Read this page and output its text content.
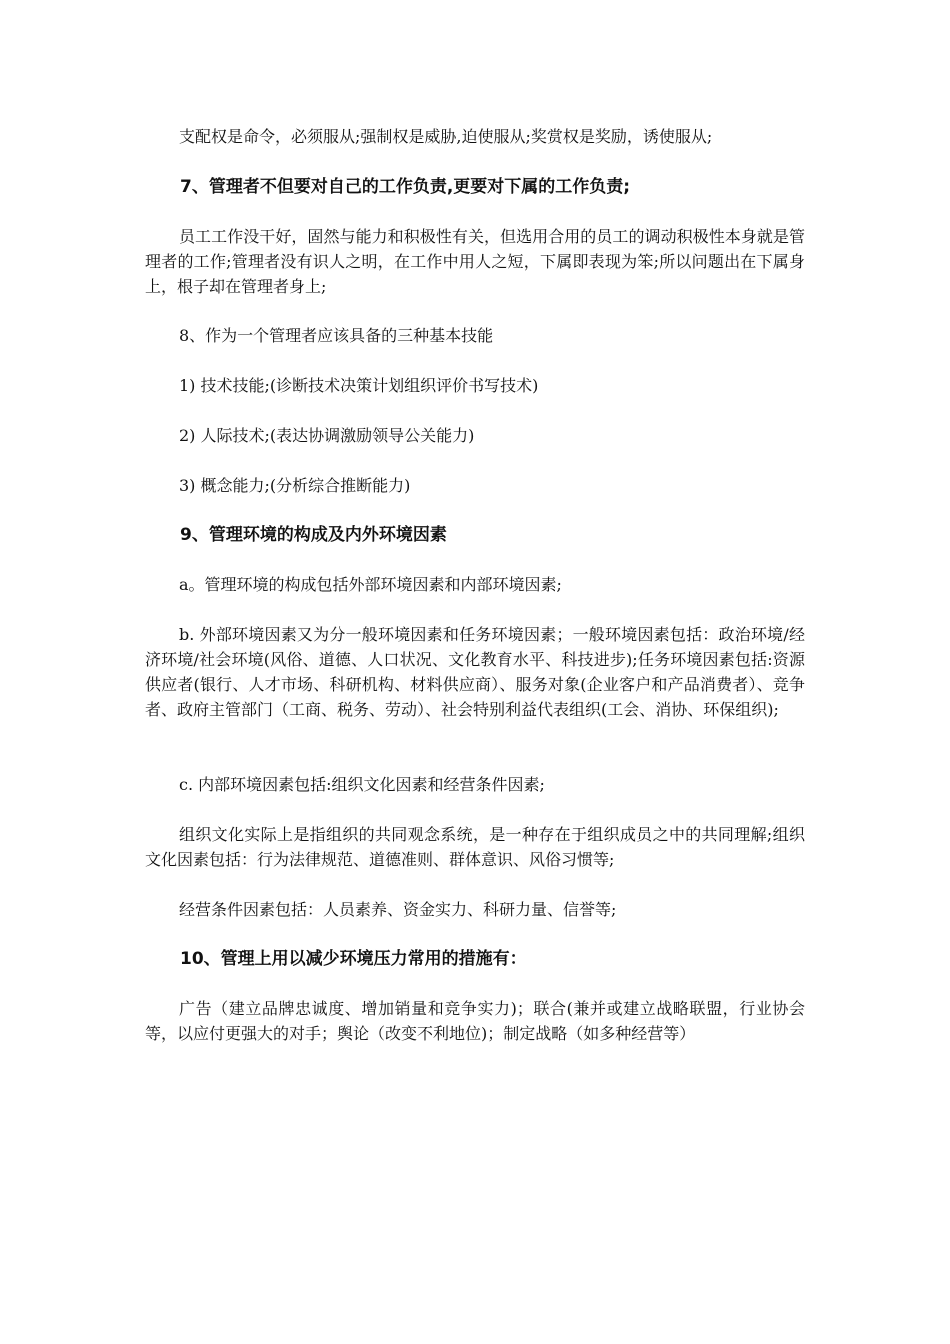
支配权是命令，必须服从;强制权是威胁,迫使服从;奖赏权是奖励，诱使服从;

7、管理者不但要对自己的工作负责,更要对下属的工作负责;

员工工作没干好，固然与能力和积极性有关，但选用合用的员工的调动积极性本身就是管理者的工作;管理者没有识人之明，在工作中用人之短，下属即表现为笨;所以问题出在下属身上，根子却在管理者身上;

8、作为一个管理者应该具备的三种基本技能

1) 技术技能;(诊断技术决策计划组织评价书写技术)

2) 人际技术;(表达协调激励领导公关能力)

3) 概念能力;(分析综合推断能力)

9、管理环境的构成及内外环境因素

a。管理环境的构成包括外部环境因素和内部环境因素;

b. 外部环境因素又为分一般环境因素和任务环境因素；一般环境因素包括：政治环境/经济环境/社会环境(风俗、道德、人口状况、文化教育水平、科技进步);任务环境因素包括:资源供应者(银行、人才市场、科研机构、材料供应商）、服务对象(企业客户和产品消费者）、竞争者、政府主管部门（工商、税务、劳动）、社会特别利益代表组织(工会、消协、环保组织);

c. 内部环境因素包括:组织文化因素和经营条件因素;

组织文化实际上是指组织的共同观念系统，是一种存在于组织成员之中的共同理解;组织文化因素包括：行为法律规范、道德准则、群体意识、风俗习惯等;

经营条件因素包括：人员素养、资金实力、科研力量、信誉等;

10、管理上用以减少环境压力常用的措施有：

广告（建立品牌忠诚度、增加销量和竞争实力)；联合(兼并或建立战略联盟，行业协会等，以应付更强大的对手；舆论（改变不利地位)；制定战略（如多种经营等）
